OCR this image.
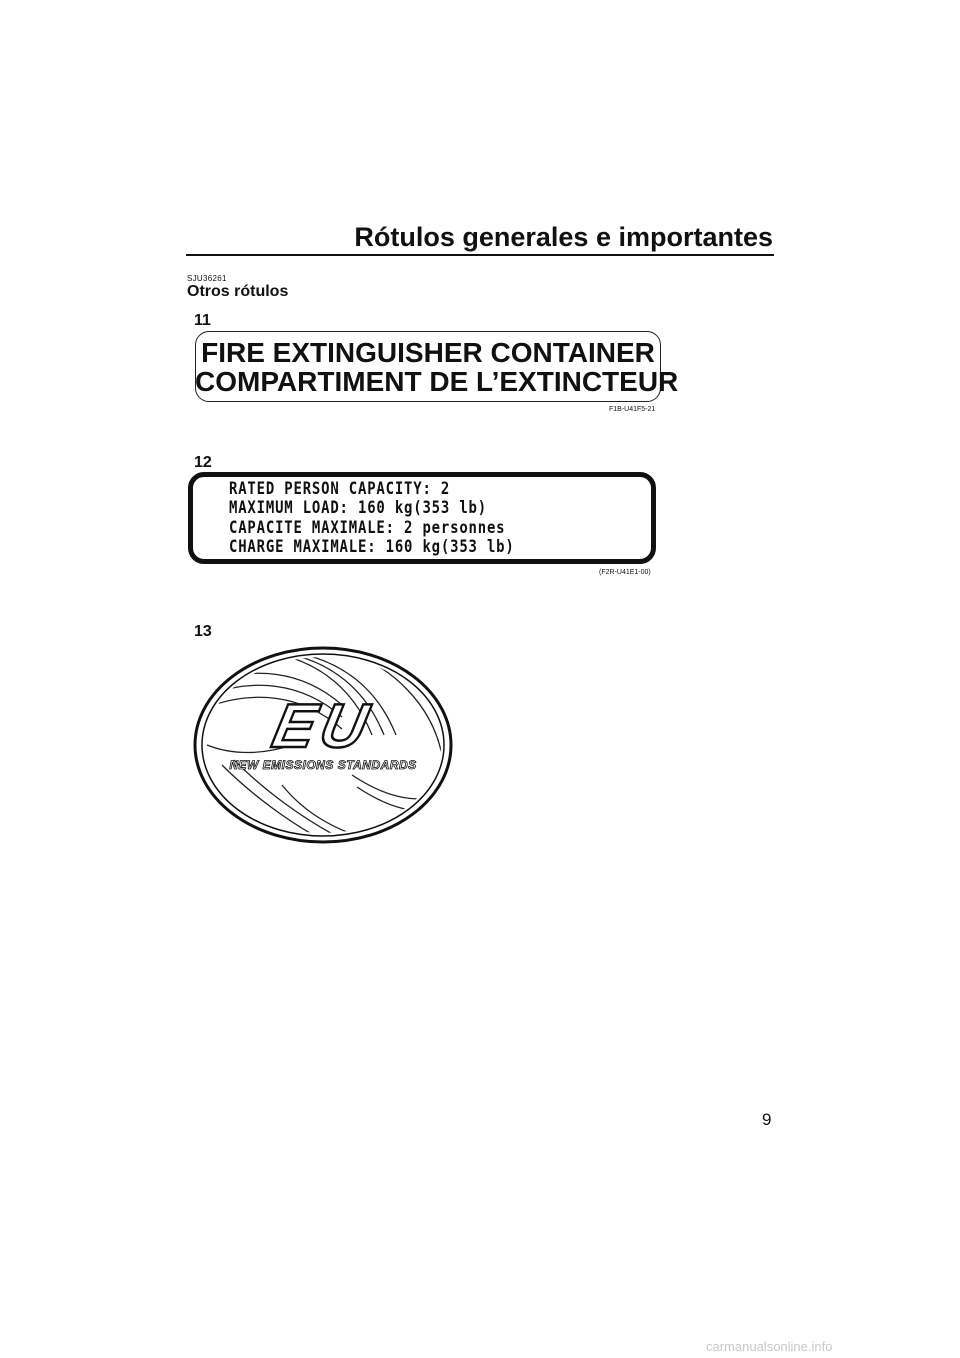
Rótulos generales e importantes
SJU36261
Otros rótulos
11
FIRE EXTINGUISHER CONTAINER
COMPARTIMENT DE L’EXTINCTEUR
F1B-U41F5-21
12
RATED PERSON CAPACITY: 2
MAXIMUM LOAD: 160 kg(353 lb)
CAPACITE MAXIMALE: 2 personnes
CHARGE MAXIMALE: 160 kg(353 lb)
(F2R-U41E1-00)
13
EU
NEW EMISSIONS STANDARDS
9
carmanualsonline.info
